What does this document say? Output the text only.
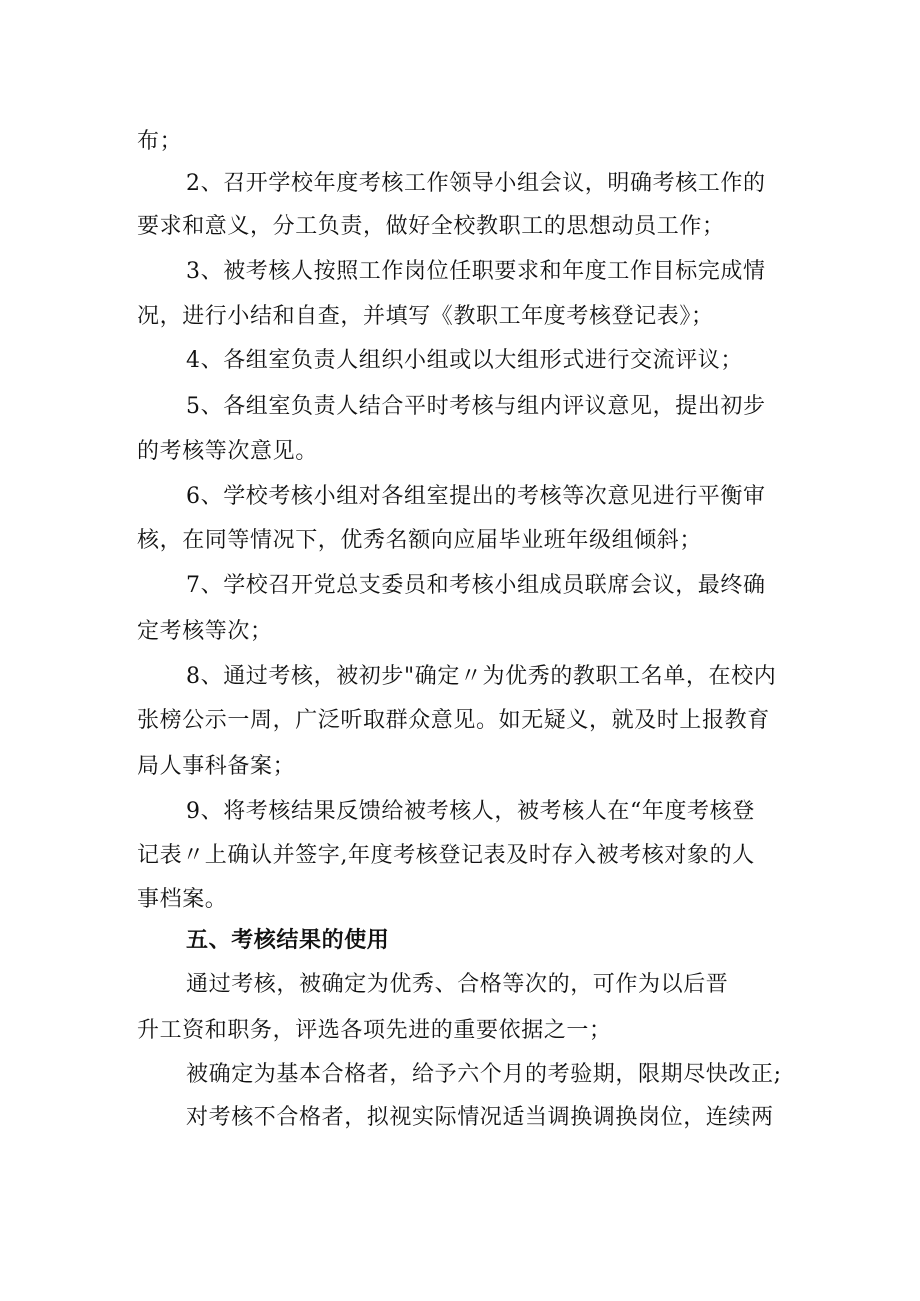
布；
2、召开学校年度考核工作领导小组会议，明确考核工作的
要求和意义，分工负责，做好全校教职工的思想动员工作；
3、被考核人按照工作岗位任职要求和年度工作目标完成情
况，进行小结和自查，并填写《教职工年度考核登记表》；
4、各组室负责人组织小组或以大组形式进行交流评议；
5、各组室负责人结合平时考核与组内评议意见，提出初步
的考核等次意见。
6、学校考核小组对各组室提出的考核等次意见进行平衡审
核，在同等情况下，优秀名额向应届毕业班年级组倾斜；
7、学校召开党总支委员和考核小组成员联席会议，最终确
定考核等次；
8、通过考核，被初步"确定〃为优秀的教职工名单，在校内
张榜公示一周，广泛听取群众意见。如无疑义，就及时上报教育
局人事科备案；
9、将考核结果反馈给被考核人，被考核人在“年度考核登
记表〃上确认并签字,年度考核登记表及时存入被考核对象的人
事档案。
五、考核结果的使用
通过考核，被确定为优秀、合格等次的，可作为以后晋
升工资和职务，评选各项先进的重要依据之一；
被确定为基本合格者，给予六个月的考验期，限期尽快改正;
对考核不合格者，拟视实际情况适当调换调换岗位，连续两
